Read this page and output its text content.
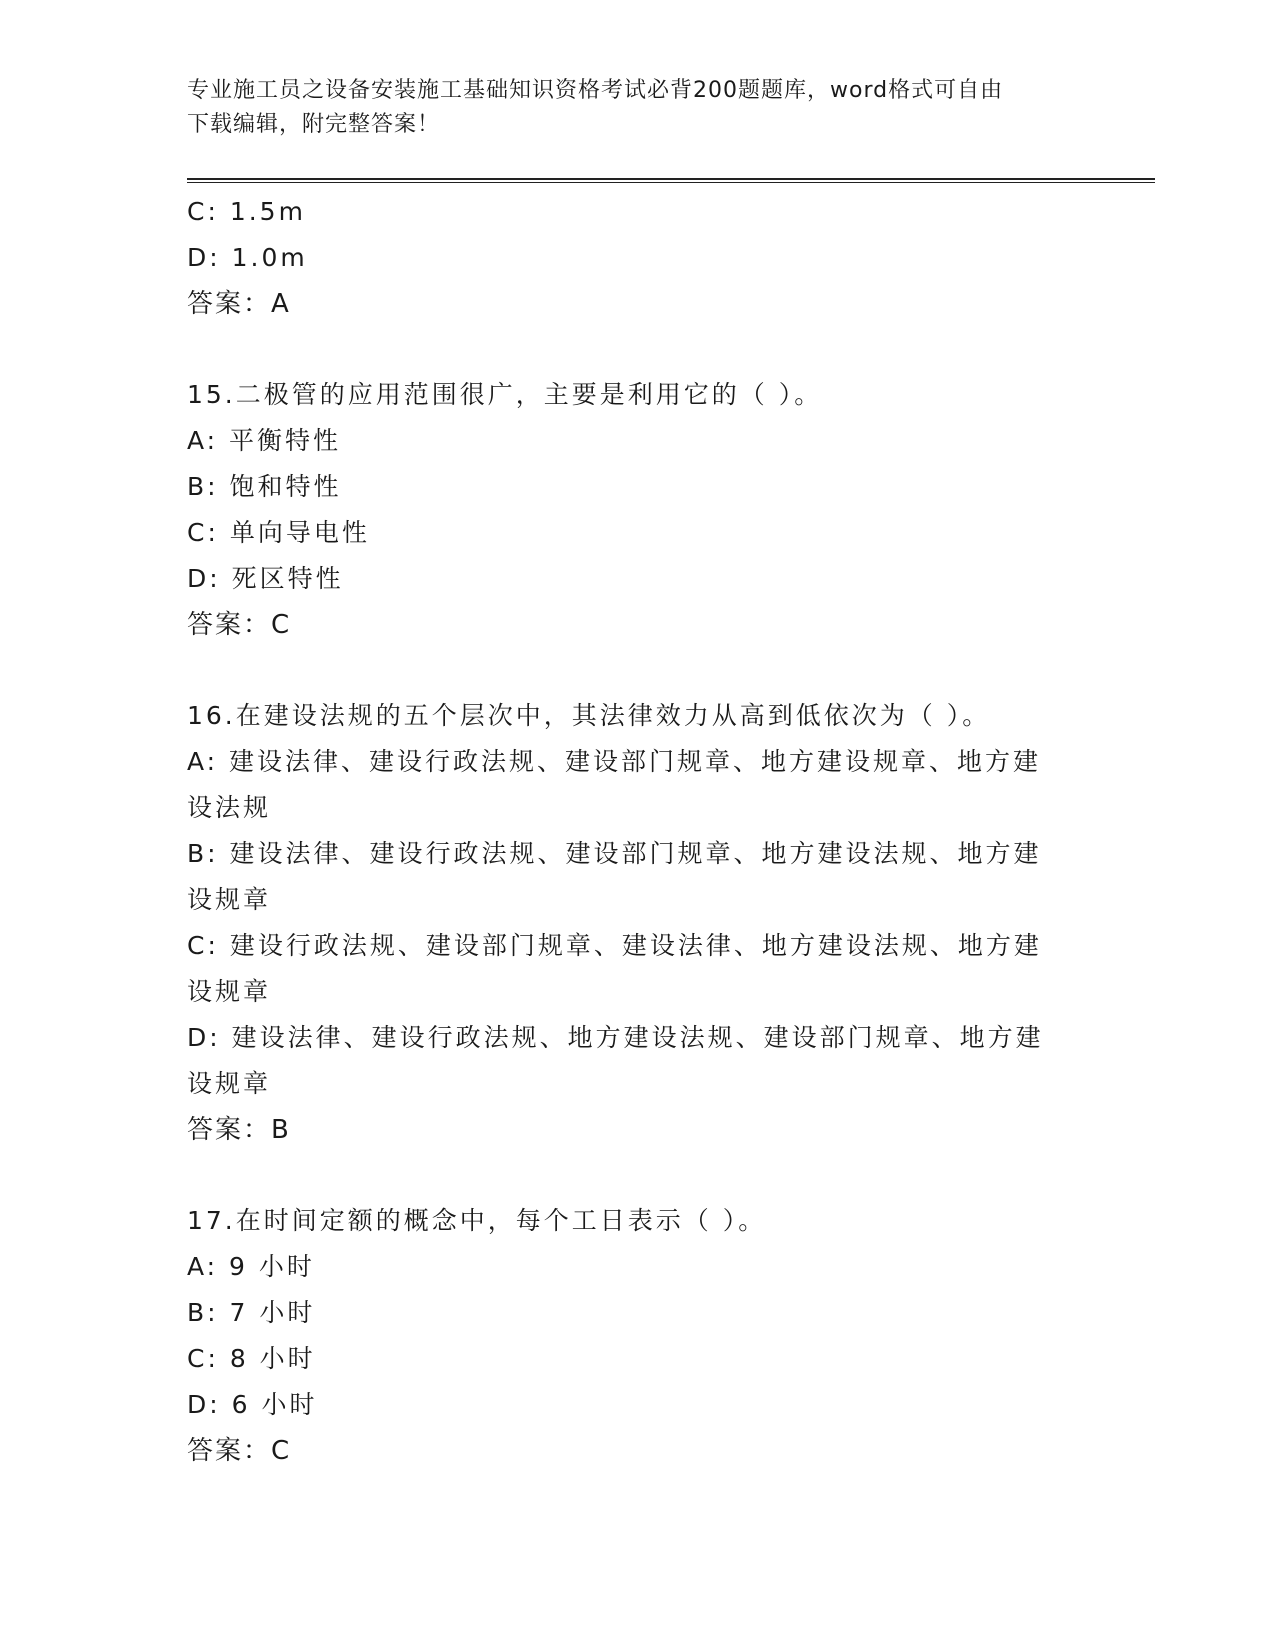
专业施工员之设备安装施工基础知识资格考试必背200题题库，word格式可自由
下载编辑，附完整答案！
C: 1.5m
D: 1.0m
答案：A
15.二极管的应用范围很广，主要是利用它的（ ）。
A: 平衡特性
B: 饱和特性
C: 单向导电性
D: 死区特性
答案：C
16.在建设法规的五个层次中，其法律效力从高到低依次为（ ）。
A: 建设法律、建设行政法规、建设部门规章、地方建设规章、地方建
设法规
B: 建设法律、建设行政法规、建设部门规章、地方建设法规、地方建
设规章
C: 建设行政法规、建设部门规章、建设法律、地方建设法规、地方建
设规章
D: 建设法律、建设行政法规、地方建设法规、建设部门规章、地方建
设规章
答案：B
17.在时间定额的概念中，每个工日表示（ ）。
A: 9 小时
B: 7 小时
C: 8 小时
D: 6 小时
答案：C
